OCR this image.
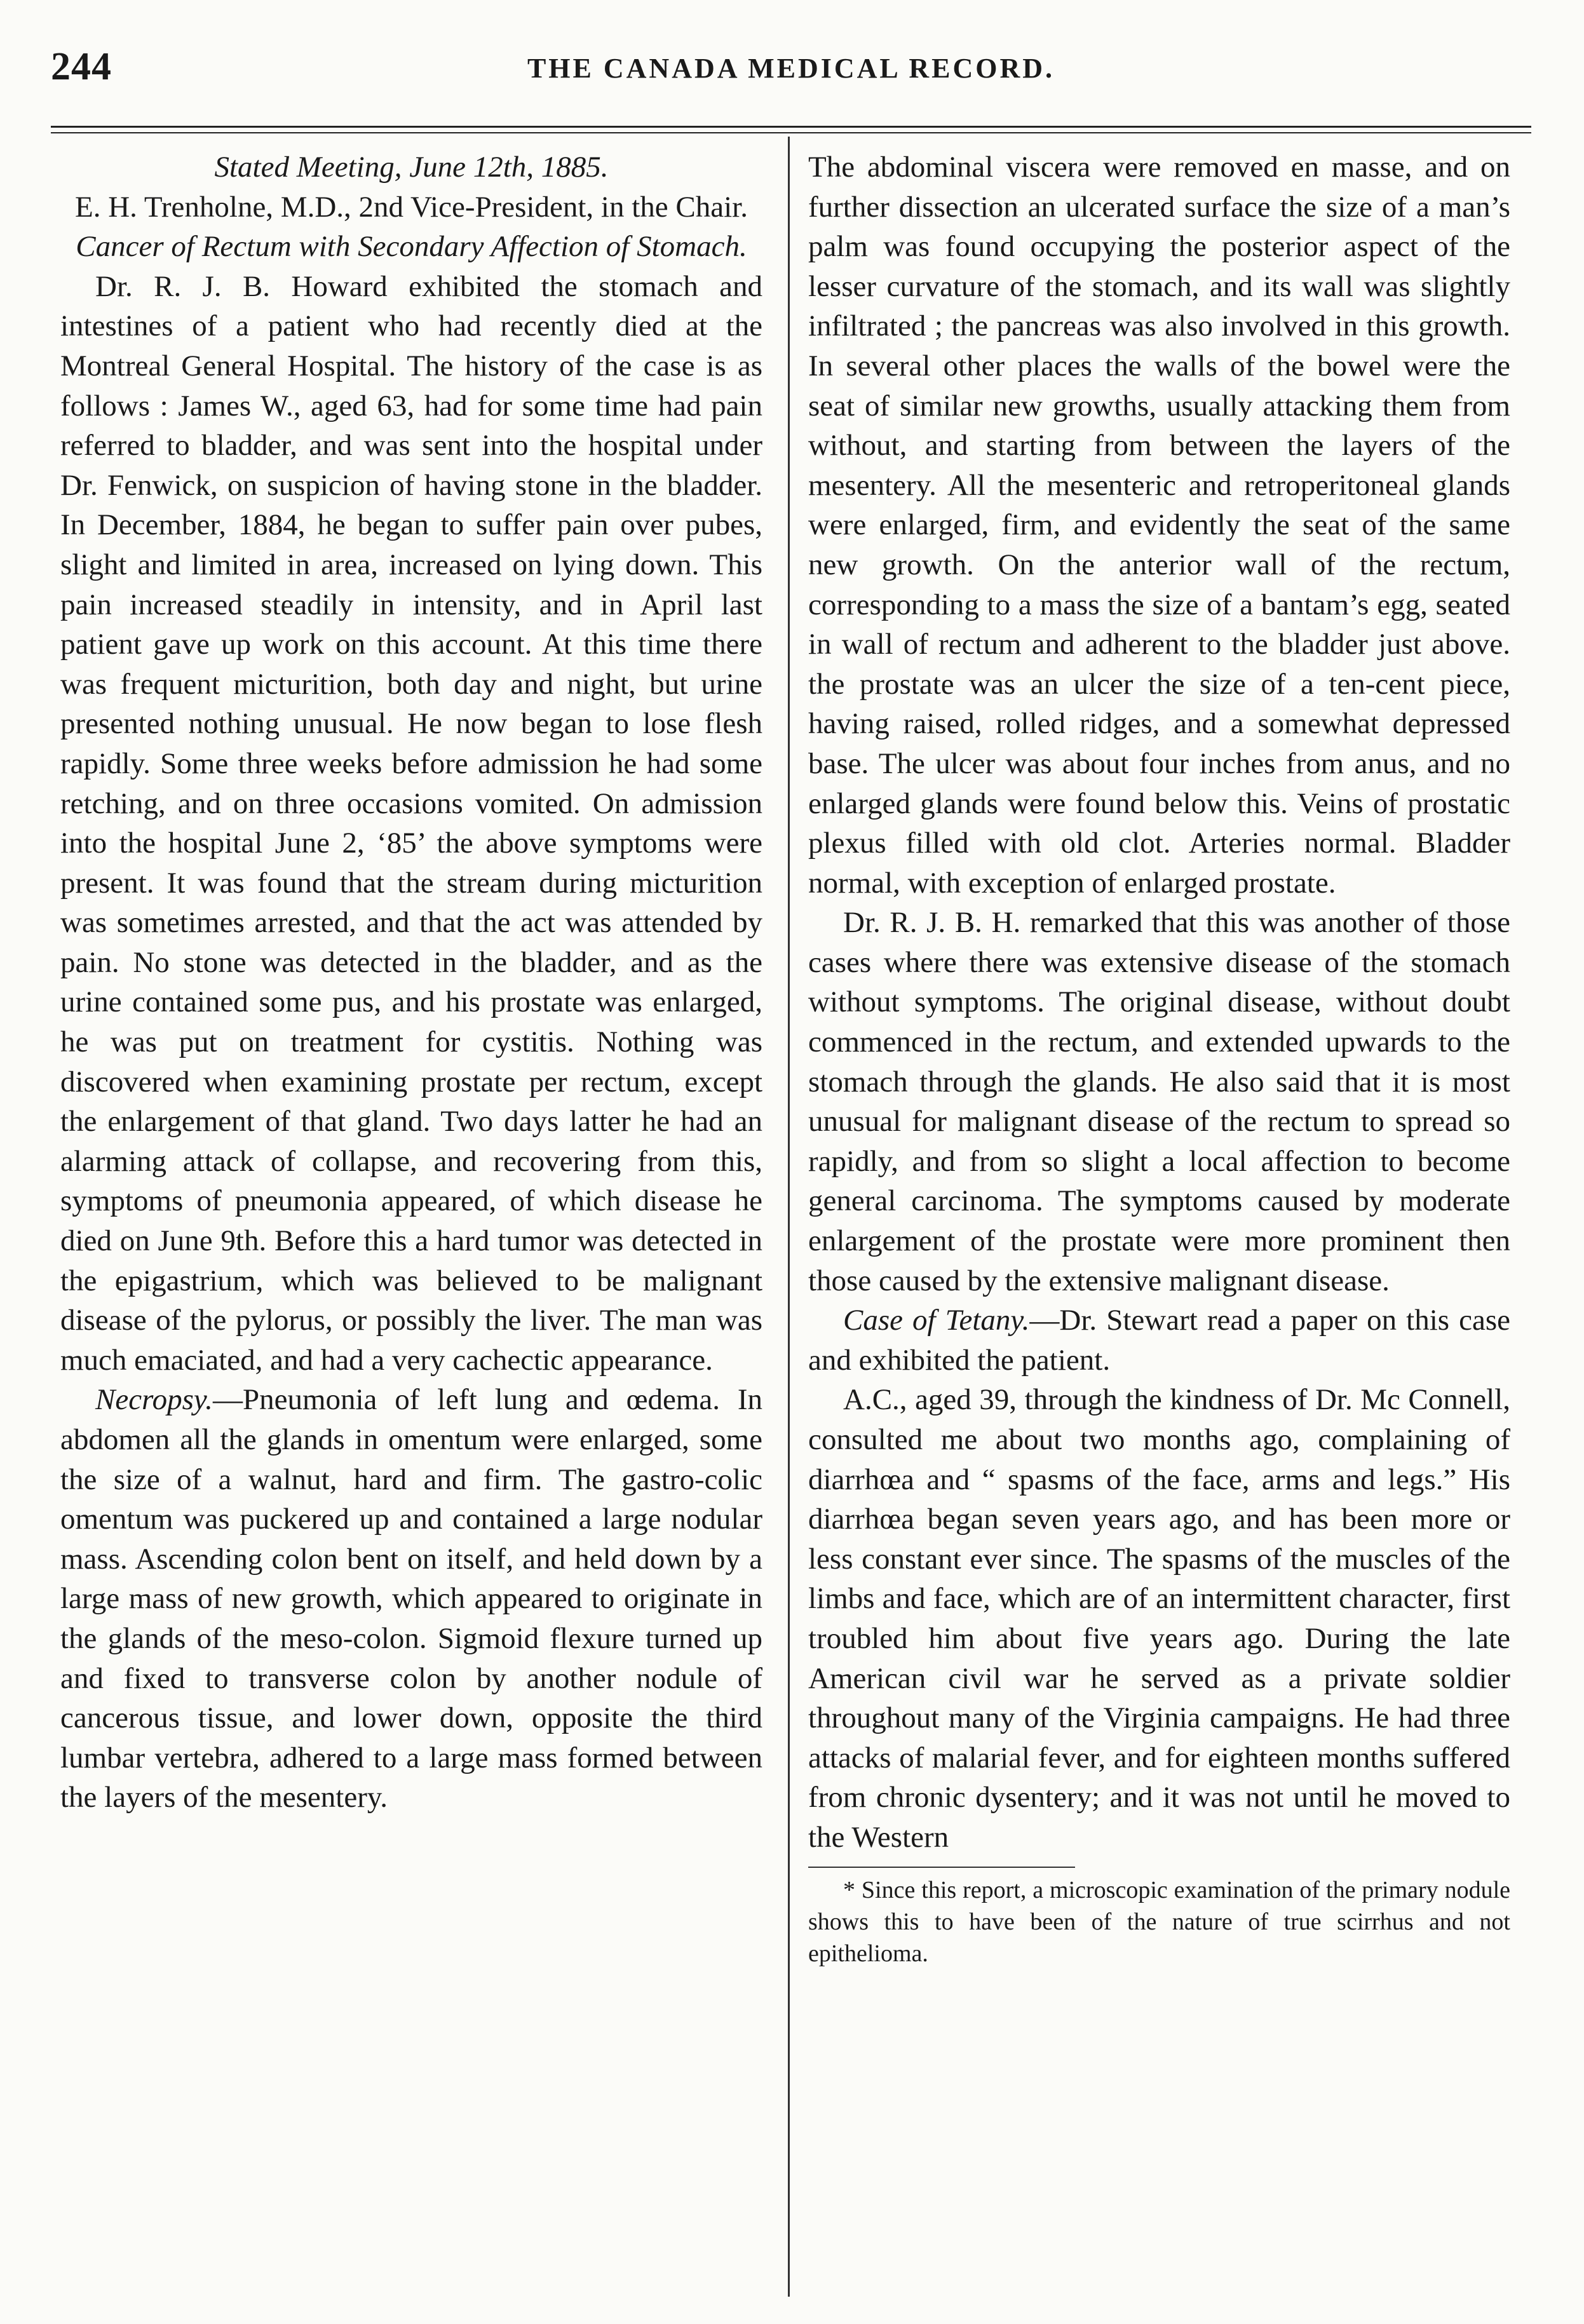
244	THE CANADA MEDICAL RECORD.

Stated Meeting, June 12th, 1885.

E. H. Trenholne, M.D., 2nd Vice-President, in the Chair.

Cancer of Rectum with Secondary Affection of Stomach.

Dr. R. J. B. Howard exhibited the stomach and intestines of a patient who had recently died at the Montreal General Hospital. The history of the case is as follows : James W., aged 63, had for some time had pain referred to bladder, and was sent into the hospital under Dr. Fenwick, on suspicion of having stone in the bladder. In December, 1884, he began to suffer pain over pubes, slight and limited in area, increased on lying down. This pain increased steadily in intensity, and in April last patient gave up work on this account. At this time there was frequent micturition, both day and night, but urine presented nothing unusual. He now began to lose flesh rapidly. Some three weeks before admission he had some retching, and on three occasions vomited. On admission into the hospital June 2, ‘85’ the above symptoms were present. It was found that the stream during micturition was sometimes arrested, and that the act was attended by pain. No stone was detected in the bladder, and as the urine contained some pus, and his prostate was enlarged, he was put on treatment for cystitis. Nothing was discovered when examining prostate per rectum, except the enlargement of that gland. Two days latter he had an alarming attack of collapse, and recovering from this, symptoms of pneumonia appeared, of which disease he died on June 9th. Before this a hard tumor was detected in the epigastrium, which was believed to be malignant disease of the pylorus, or possibly the liver. The man was much emaciated, and had a very cachectic appearance.

Necropsy.—Pneumonia of left lung and œdema. In abdomen all the glands in omentum were enlarged, some the size of a walnut, hard and firm. The gastro-colic omentum was puckered up and contained a large nodular mass. Ascending colon bent on itself, and held down by a large mass of new growth, which appeared to originate in the glands of the meso-colon. Sigmoid flexure turned up and fixed to transverse colon by another nodule of cancerous tissue, and lower down, opposite the third lumbar vertebra, adhered to a large mass formed between the layers of the mesentery.

The abdominal viscera were removed en masse, and on further dissection an ulcerated surface the size of a man’s palm was found occupying the posterior aspect of the lesser curvature of the stomach, and its wall was slightly infiltrated ; the pancreas was also involved in this growth. In several other places the walls of the bowel were the seat of similar new growths, usually attacking them from without, and starting from between the layers of the mesentery. All the mesenteric and retroperitoneal glands were enlarged, firm, and evidently the seat of the same new growth. On the anterior wall of the rectum, corresponding to a mass the size of a bantam’s egg, seated in wall of rectum and adherent to the bladder just above. the prostate was an ulcer the size of a ten-cent piece, having raised, rolled ridges, and a somewhat depressed base. The ulcer was about four inches from anus, and no enlarged glands were found below this. Veins of prostatic plexus filled with old clot. Arteries normal. Bladder normal, with exception of enlarged prostate.

Dr. R. J. B. H. remarked that this was another of those cases where there was extensive disease of the stomach without symptoms. The original disease, without doubt commenced in the rectum, and extended upwards to the stomach through the glands. He also said that it is most unusual for malignant disease of the rectum to spread so rapidly, and from so slight a local affection to become general carcinoma. The symptoms caused by moderate enlargement of the prostate were more prominent then those caused by the extensive malignant disease.

Case of Tetany.—Dr. Stewart read a paper on this case and exhibited the patient.

A.C., aged 39, through the kindness of Dr. Mc Connell, consulted me about two months ago, complaining of diarrhœa and “ spasms of the face, arms and legs.” His diarrhœa began seven years ago, and has been more or less constant ever since. The spasms of the muscles of the limbs and face, which are of an intermittent character, first troubled him about five years ago. During the late American civil war he served as a private soldier throughout many of the Virginia campaigns. He had three attacks of malarial fever, and for eighteen months suffered from chronic dysentery; and it was not until he moved to the Western

* Since this report, a microscopic examination of the primary nodule shows this to have been of the nature of true scirrhus and not epithelioma.
